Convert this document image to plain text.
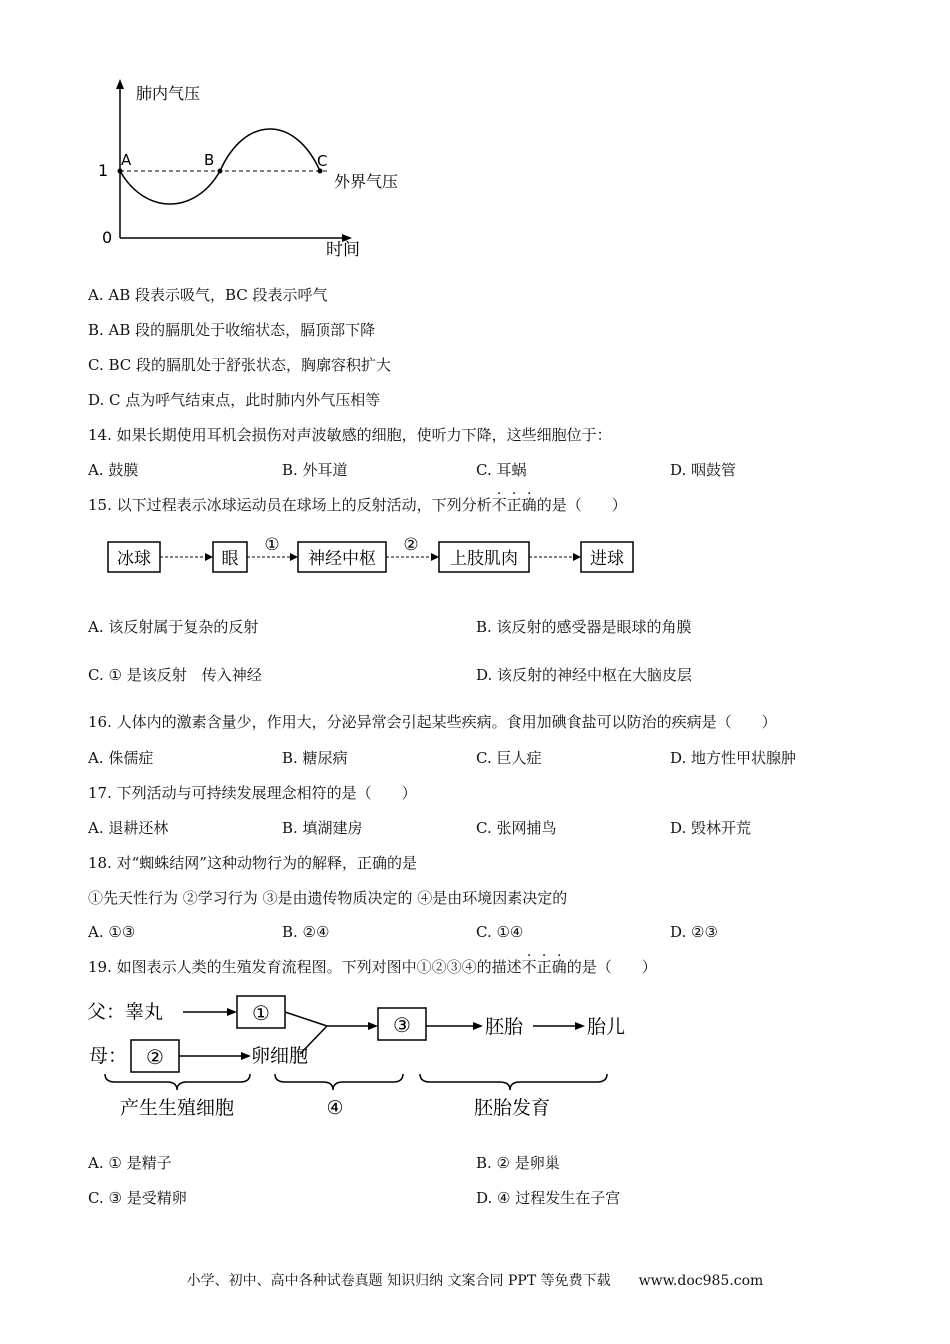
肺内气压
时间
外界气压
1
0
A	B	C
A. AB 段表示吸气，BC 段表示呼气
B. AB 段的膈肌处于收缩状态，膈顶部下降
C. BC 段的膈肌处于舒张状态，胸廓容积扩大
D. C 点为呼气结束点，此时肺内外气压相等
14. 如果长期使用耳机会损伤对声波敏感的细胞，使听力下降，这些细胞位于：
A. 鼓膜	B. 外耳道	C. 耳蜗	D. 咽鼓管
15. 以下过程表示冰球运动员在球场上的反射活动，下列分析不正确的是（　　）
冰球	眼	神经中枢	上肢肌肉	进球
①	②
A. 该反射属于复杂的反射	B. 该反射的感受器是眼球的角膜
C. ① 是该反射　传入神经	D. 该反射的神经中枢在大脑皮层
16. 人体内的激素含量少，作用大，分泌异常会引起某些疾病。食用加碘食盐可以防治的疾病是（　　）
A. 侏儒症	B. 糖尿病	C. 巨人症	D. 地方性甲状腺肿
17. 下列活动与可持续发展理念相符的是（　　）
A. 退耕还林	B. 填湖建房	C. 张网捕鸟	D. 毁林开荒
18. 对“蜘蛛结网”这种动物行为的解释，正确的是
①先天性行为 ②学习行为 ③是由遗传物质决定的 ④是由环境因素决定的
A. ①③	B. ②④	C. ①④	D. ②③
19. 如图表示人类的生殖发育流程图。下列对图中①②③④的描述不正确的是（　　）
父：睾丸
母：
①
②
③
卵细胞
胚胎	胎儿
产生生殖细胞	④	胚胎发育
A. ① 是精子	B. ② 是卵巢
C. ③ 是受精卵	D. ④ 过程发生在子宫
小学、初中、高中各种试卷真题 知识归纳 文案合同 PPT 等免费下载　　www.doc985.com
